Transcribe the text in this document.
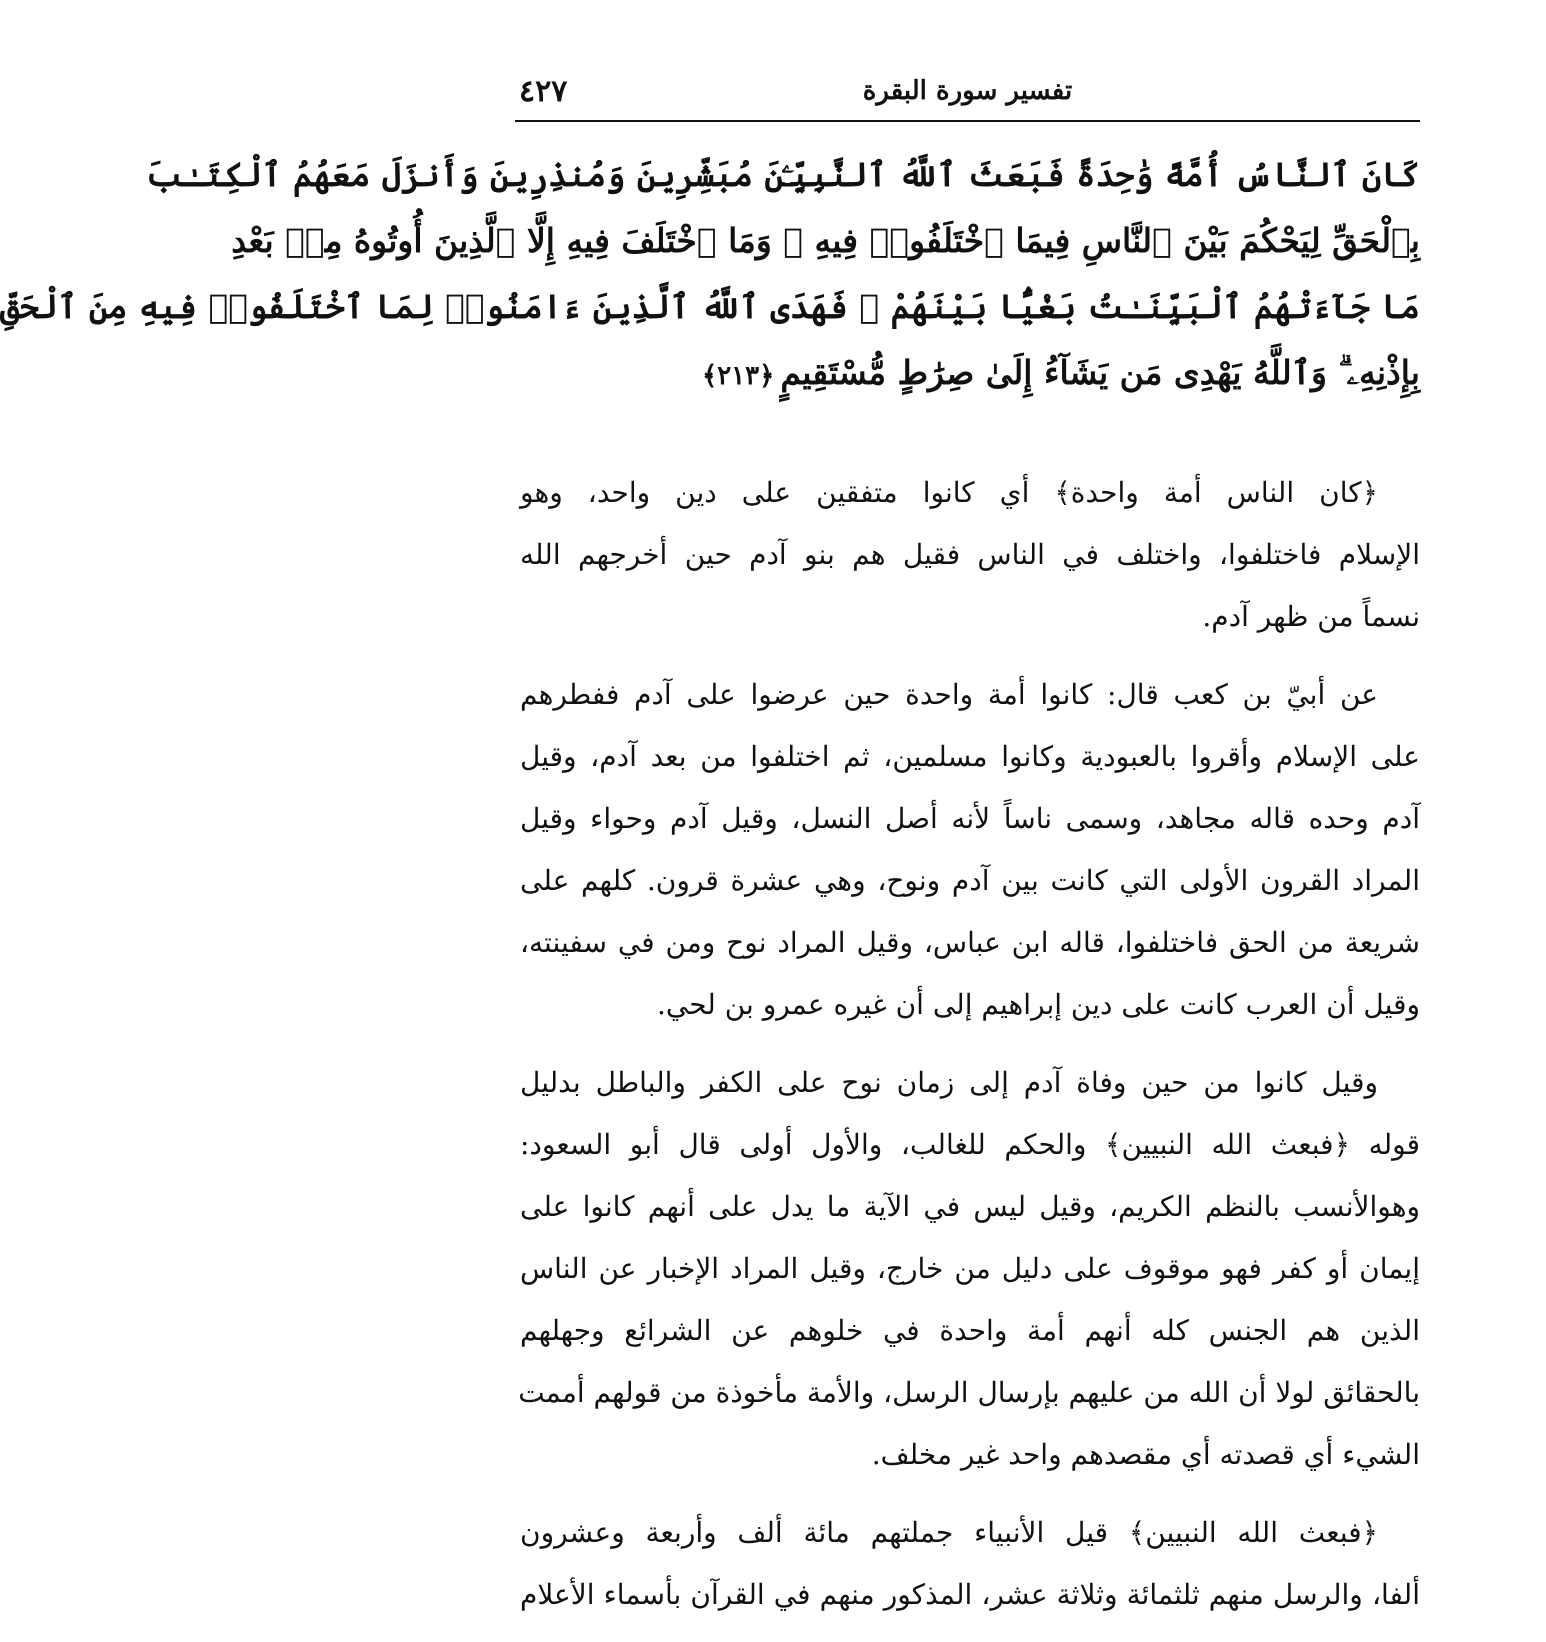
٤٢٧	تفسير سورة البقرة
كَانَ ٱلنَّاسُ أُمَّةً وَٰحِدَةً فَبَعَثَ ٱللَّهُ ٱلنَّبِيِّـۧنَ مُبَشِّرِينَ وَمُنذِرِينَ وَأَنزَلَ مَعَهُمُ ٱلْكِتَـٰبَ
بِٱلْحَقِّ لِيَحْكُمَ بَيْنَ ٱلنَّاسِ فِيمَا ٱخْتَلَفُوا۟ فِيهِ ۚ وَمَا ٱخْتَلَفَ فِيهِ إِلَّا ٱلَّذِينَ أُوتُوهُ مِنۢ بَعْدِ
مَا جَآءَتْهُمُ ٱلْبَيِّنَـٰتُ بَغْيًۢا بَيْنَهُمْ ۖ فَهَدَى ٱللَّهُ ٱلَّذِينَ ءَامَنُوا۟ لِمَا ٱخْتَلَفُوا۟ فِيهِ مِنَ ٱلْحَقِّ
بِإِذْنِهِۦ ۗ وَٱللَّهُ يَهْدِى مَن يَشَآءُ إِلَىٰ صِرَٰطٍ مُّسْتَقِيمٍ﴿٢١٣﴾
﴿كان الناس أمة واحدة﴾ أي كانوا متفقين على دين واحد، وهو
الإسلام فاختلفوا، واختلف في الناس فقيل هم بنو آدم حين أخرجهم الله
نسماً من ظهر آدم.
عن أبيّ بن كعب قال: كانوا أمة واحدة حين عرضوا على آدم ففطرهم
على الإسلام وأقروا بالعبودية وكانوا مسلمين، ثم اختلفوا من بعد آدم، وقيل
آدم وحده قاله مجاهد، وسمى ناساً لأنه أصل النسل، وقيل آدم وحواء وقيل
المراد القرون الأولى التي كانت بين آدم ونوح، وهي عشرة قرون. كلهم على
شريعة من الحق فاختلفوا، قاله ابن عباس، وقيل المراد نوح ومن في سفينته،
وقيل أن العرب كانت على دين إبراهيم إلى أن غيره عمرو بن لحي.
وقيل كانوا من حين وفاة آدم إلى زمان نوح على الكفر والباطل بدليل
قوله ﴿فبعث الله النبيين﴾ والحكم للغالب، والأول أولى قال أبو السعود:
وهوالأنسب بالنظم الكريم، وقيل ليس في الآية ما يدل على أنهم كانوا على
إيمان أو كفر فهو موقوف على دليل من خارج، وقيل المراد الإخبار عن الناس
الذين هم الجنس كله أنهم أمة واحدة في خلوهم عن الشرائع وجهلهم
بالحقائق لولا أن الله من عليهم بإرسال الرسل، والأمة مأخوذة من قولهم أممت
الشيء أي قصدته أي مقصدهم واحد غير مخلف.
﴿فبعث الله النبيين﴾ قيل الأنبياء جملتهم مائة ألف وأربعة وعشرون
ألفا، والرسل منهم ثلثمائة وثلاثة عشر، المذكور منهم في القرآن بأسماء الأعلام
